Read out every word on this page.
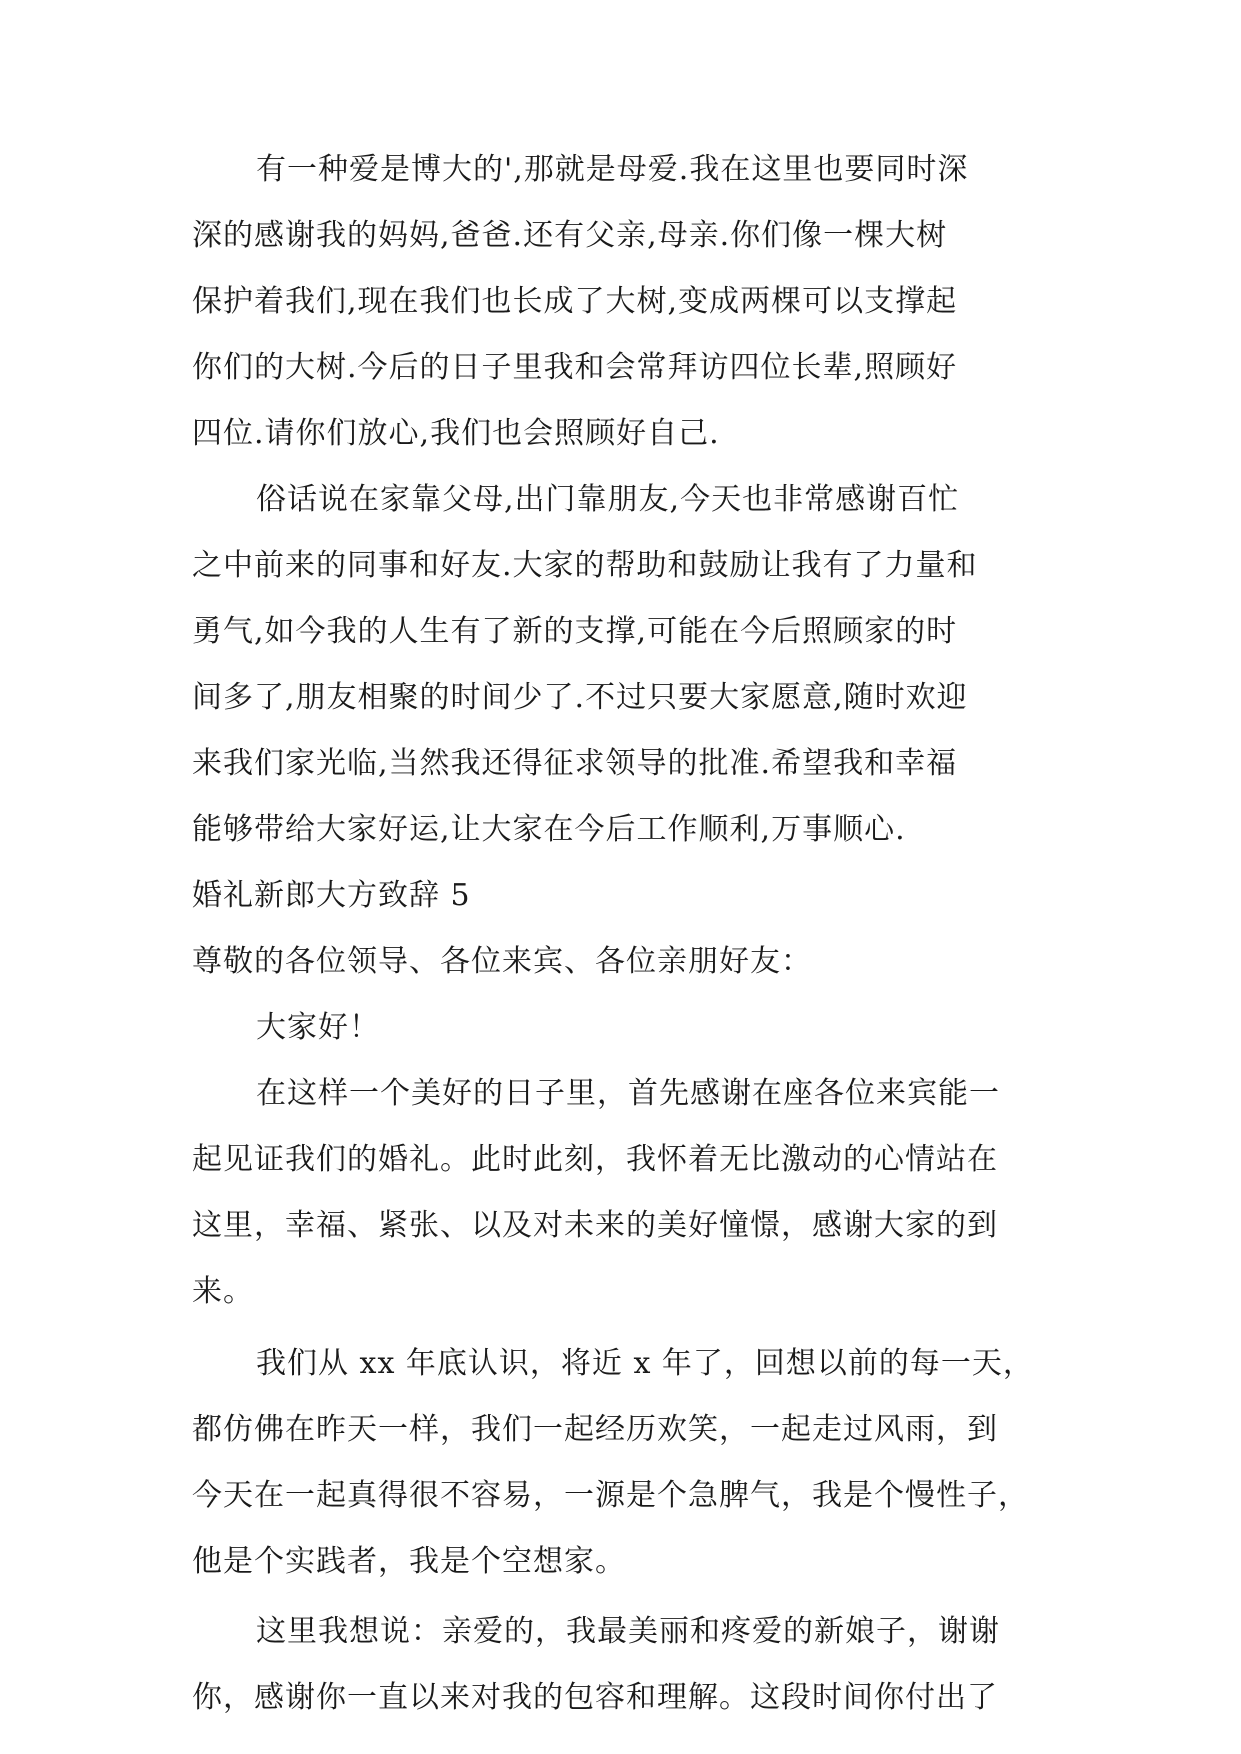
有一种爱是博大的',那就是母爱.我在这里也要同时深
深的感谢我的妈妈,爸爸.还有父亲,母亲.你们像一棵大树
保护着我们,现在我们也长成了大树,变成两棵可以支撑起
你们的大树.今后的日子里我和会常拜访四位长辈,照顾好
四位.请你们放心,我们也会照顾好自己.
俗话说在家靠父母,出门靠朋友,今天也非常感谢百忙
之中前来的同事和好友.大家的帮助和鼓励让我有了力量和
勇气,如今我的人生有了新的支撑,可能在今后照顾家的时
间多了,朋友相聚的时间少了.不过只要大家愿意,随时欢迎
来我们家光临,当然我还得征求领导的批准.希望我和幸福
能够带给大家好运,让大家在今后工作顺利,万事顺心.
婚礼新郎大方致辞 5
尊敬的各位领导、各位来宾、各位亲朋好友：
大家好！
在这样一个美好的日子里，首先感谢在座各位来宾能一
起见证我们的婚礼。此时此刻，我怀着无比激动的心情站在
这里，幸福、紧张、以及对未来的美好憧憬，感谢大家的到
来。
我们从 xx 年底认识，将近 x 年了，回想以前的每一天，
都仿佛在昨天一样，我们一起经历欢笑，一起走过风雨，到
今天在一起真得很不容易，一源是个急脾气，我是个慢性子，
他是个实践者，我是个空想家。
这里我想说：亲爱的，我最美丽和疼爱的新娘子，谢谢
你，感谢你一直以来对我的包容和理解。这段时间你付出了
